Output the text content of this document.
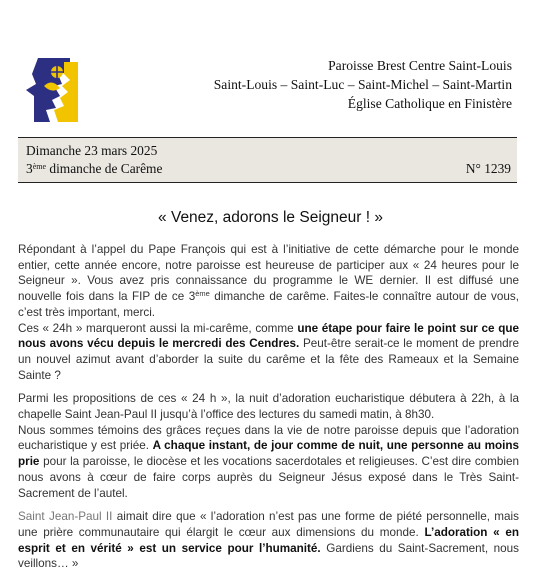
Paroisse Brest Centre Saint-Louis
Saint-Louis – Saint-Luc – Saint-Michel – Saint-Martin
Église Catholique en Finistère
Dimanche 23 mars 2025
3ème dimanche de Carême	N° 1239
« Venez, adorons le Seigneur ! »

Répondant à l’appel du Pape François qui est à l’initiative de cette démarche pour le monde entier, cette année encore, notre paroisse est heureuse de participer aux « 24 heures pour le Seigneur ». Vous avez pris connaissance du programme le WE dernier. Il est diffusé une nouvelle fois dans la FIP de ce 3ème dimanche de carême. Faites-le connaître autour de vous, c’est très important, merci.

Ces « 24h » marqueront aussi la mi-carême, comme une étape pour faire le point sur ce que nous avons vécu depuis le mercredi des Cendres. Peut-être serait-ce le moment de prendre un nouvel azimut avant d’aborder la suite du carême et la fête des Rameaux et la Semaine Sainte ?

Parmi les propositions de ces « 24 h », la nuit d’adoration eucharistique débutera à 22h, à la chapelle Saint Jean-Paul II jusqu’à l’office des lectures du samedi matin, à 8h30.

Nous sommes témoins des grâces reçues dans la vie de notre paroisse depuis que l’adoration eucharistique y est priée. A chaque instant, de jour comme de nuit, une personne au moins prie pour la paroisse, le diocèse et les vocations sacerdotales et religieuses. C’est dire combien nous avons à cœur de faire corps auprès du Seigneur Jésus exposé dans le Très Saint-Sacrement de l’autel.

Saint Jean-Paul II aimait dire que « l’adoration n’est pas une forme de piété personnelle, mais une prière communautaire qui élargit le cœur aux dimensions du monde. L’adoration « en esprit et en vérité » est un service pour l’humanité. Gardiens du Saint-Sacrement, nous veillons… »
